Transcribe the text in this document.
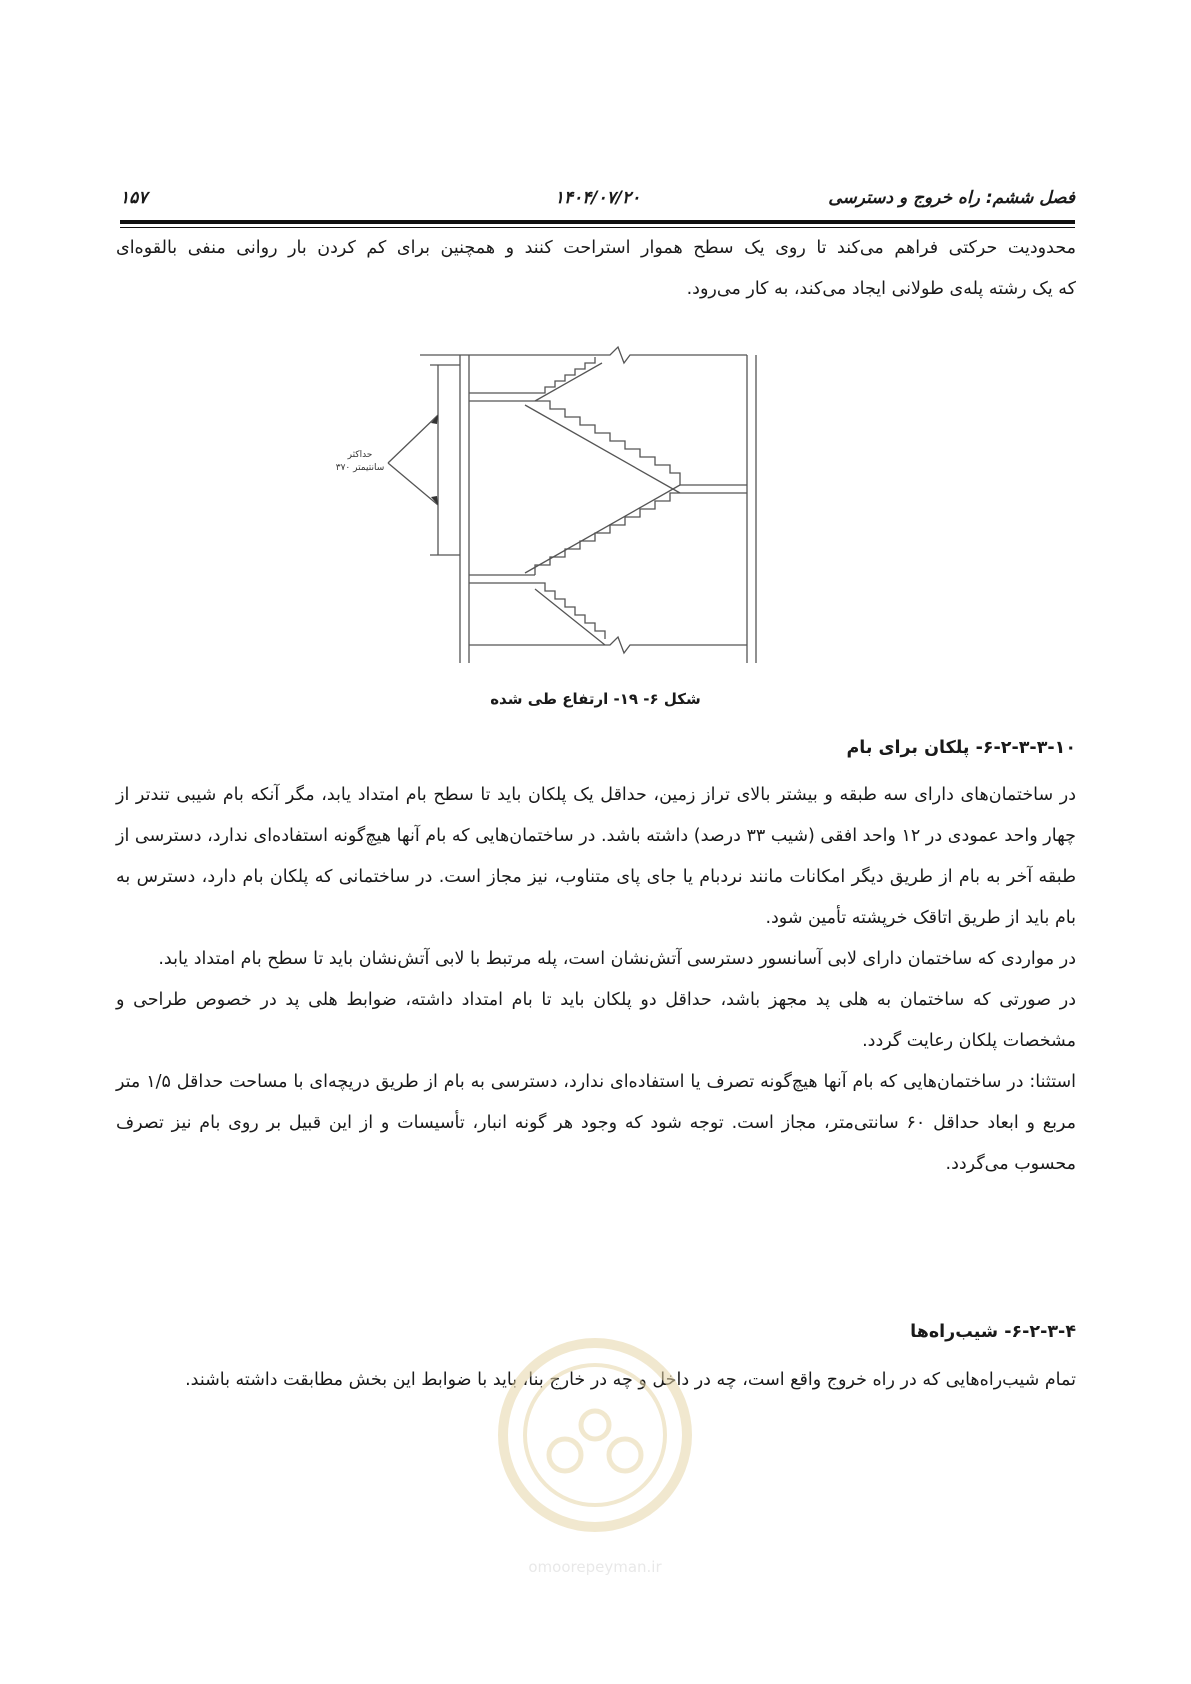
فصل ششم: راه خروج و دسترسی
۱۴۰۴/۰۷/۲۰
۱۵۷

محدودیت حرکتی فراهم می‌کند تا روی یک سطح هموار استراحت کنند و همچنین برای کم کردن بار روانی منفی بالقوه‌ای

که یک رشته پله‌ی طولانی ایجاد می‌کند، به کار می‌رود.

حداکثر
۳۷۰ سانتیمتر
شکل ۶- ۱۹- ارتفاع طی شده
۶-۲-۳-۳-۱۰- پلکان برای بام

در ساختمان‌های دارای سه طبقه و بیشتر بالای تراز زمین، حداقل یک پلکان باید تا سطح بام امتداد یابد، مگر آنکه بام شیبی تندتر از چهار واحد عمودی در ۱۲ واحد افقی (شیب ۳۳ درصد) داشته باشد. در ساختمان‌هایی که بام آنها هیچ‌گونه استفاده‌ای ندارد، دسترسی از طبقه آخر به بام از طریق دیگر امکانات مانند نردبام یا جای پای متناوب، نیز مجاز است. در ساختمانی که پلکان بام دارد، دسترس به بام باید از طریق اتاقک خرپشته تأمین شود.

در مواردی که ساختمان دارای لابی آسانسور دسترسی آتش‌نشان است، پله مرتبط با لابی آتش‌نشان باید تا سطح بام امتداد یابد.

در صورتی که ساختمان به هلی پد مجهز باشد، حداقل دو پلکان باید تا بام امتداد داشته، ضوابط هلی پد در خصوص طراحی و مشخصات پلکان رعایت گردد.

استثنا: در ساختمان‌هایی که بام آنها هیچ‌گونه تصرف یا استفاده‌ای ندارد، دسترسی به بام از طریق دریچه‌ای با مساحت حداقل ۱/۵ متر مربع و ابعاد حداقل ۶۰ سانتی‌متر، مجاز است. توجه شود که وجود هر گونه انبار، تأسیسات و از این قبیل بر روی بام نیز تصرف محسوب می‌گردد.

۶-۲-۳-۴- شیب‌راه‌ها

تمام شیب‌راه‌هایی که در راه خروج واقع است، چه در داخل و چه در خارج بنا، باید با ضوابط این بخش مطابقت داشته باشند.

omoorepeyman.ir
